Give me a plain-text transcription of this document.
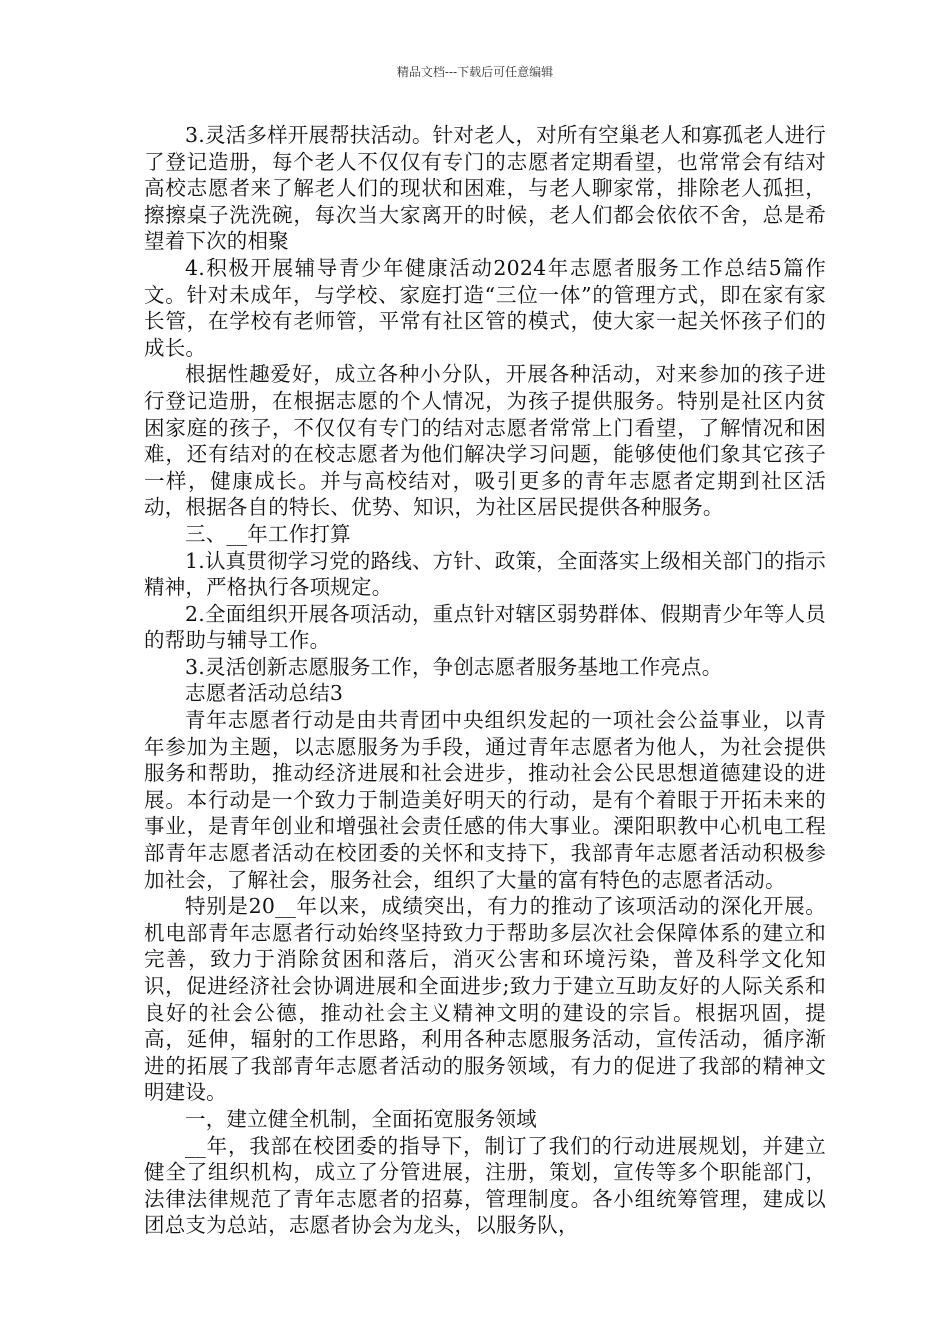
精品文档---下载后可任意编辑

3.灵活多样开展帮扶活动。针对老人，对所有空巢老人和寡孤老人进行了登记造册，每个老人不仅仅有专门的志愿者定期看望，也常常会有结对高校志愿者来了解老人们的现状和困难，与老人聊家常，排除老人孤担，擦擦桌子洗洗碗，每次当大家离开的时候，老人们都会依依不舍，总是希望着下次的相聚

4.积极开展辅导青少年健康活动2024年志愿者服务工作总结5篇作文。针对未成年，与学校、家庭打造“三位一体”的管理方式，即在家有家长管，在学校有老师管，平常有社区管的模式，使大家一起关怀孩子们的成长。

根据性趣爱好，成立各种小分队，开展各种活动，对来参加的孩子进行登记造册，在根据志愿的个人情况，为孩子提供服务。特别是社区内贫困家庭的孩子，不仅仅有专门的结对志愿者常常上门看望，了解情况和困难，还有结对的在校志愿者为他们解决学习问题，能够使他们象其它孩子一样，健康成长。并与高校结对，吸引更多的青年志愿者定期到社区活动，根据各自的特长、优势、知识，为社区居民提供各种服务。

三、__年工作打算

1.认真贯彻学习党的路线、方针、政策，全面落实上级相关部门的指示精神，严格执行各项规定。

2.全面组织开展各项活动，重点针对辖区弱势群体、假期青少年等人员的帮助与辅导工作。

3.灵活创新志愿服务工作，争创志愿者服务基地工作亮点。

志愿者活动总结3

青年志愿者行动是由共青团中央组织发起的一项社会公益事业，以青年参加为主题，以志愿服务为手段，通过青年志愿者为他人，为社会提供服务和帮助，推动经济进展和社会进步，推动社会公民思想道德建设的进展。本行动是一个致力于制造美好明天的行动，是有个着眼于开拓未来的事业，是青年创业和增强社会责任感的伟大事业。溧阳职教中心机电工程部青年志愿者活动在校团委的关怀和支持下，我部青年志愿者活动积极参加社会，了解社会，服务社会，组织了大量的富有特色的志愿者活动。

特别是20__年以来，成绩突出，有力的推动了该项活动的深化开展。机电部青年志愿者行动始终坚持致力于帮助多层次社会保障体系的建立和完善，致力于消除贫困和落后，消灭公害和环境污染，普及科学文化知识，促进经济社会协调进展和全面进步;致力于建立互助友好的人际关系和良好的社会公德，推动社会主义精神文明的建设的宗旨。根据巩固，提高，延伸，辐射的工作思路，利用各种志愿服务活动，宣传活动，循序渐进的拓展了我部青年志愿者活动的服务领域，有力的促进了我部的精神文明建设。

一，建立健全机制，全面拓宽服务领域

__年，我部在校团委的指导下，制订了我们的行动进展规划，并建立健全了组织机构，成立了分管进展，注册，策划，宣传等多个职能部门，法律法律规范了青年志愿者的招募，管理制度。各小组统筹管理，建成以团总支为总站，志愿者协会为龙头，以服务队，
